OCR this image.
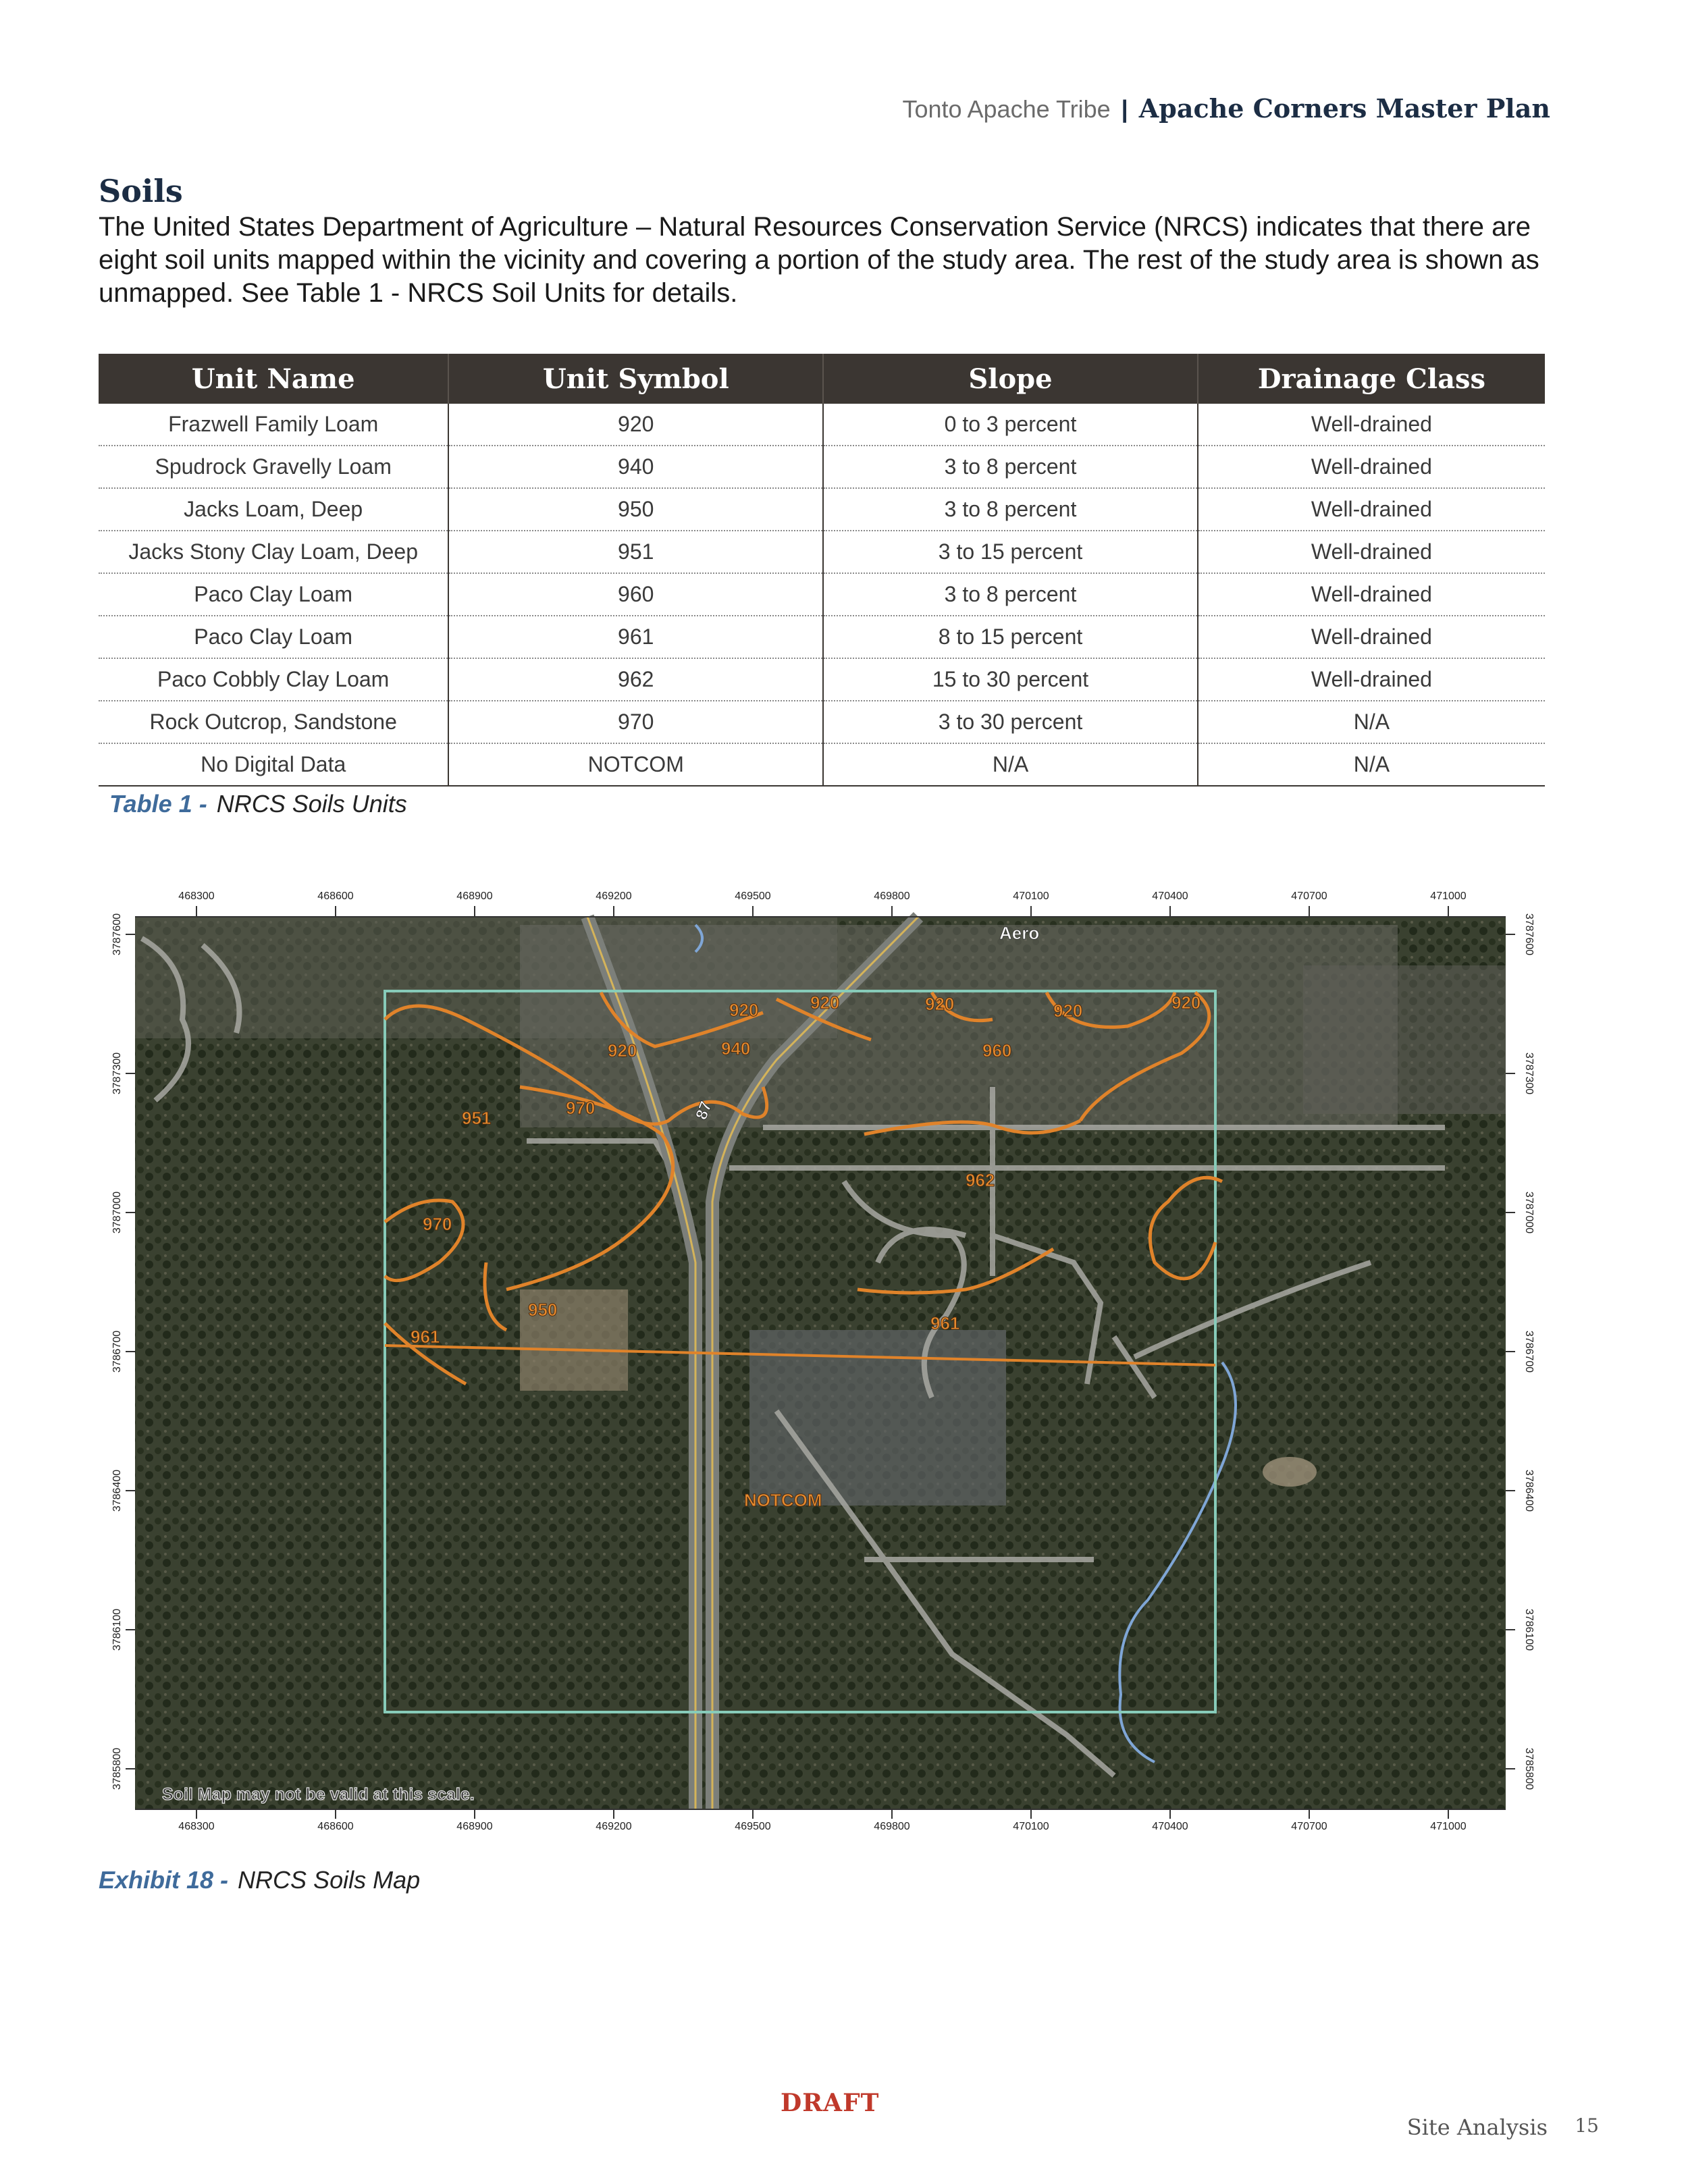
Tonto Apache Tribe | Apache Corners Master Plan
Soils

The United States Department of Agriculture – Natural Resources Conservation Service (NRCS) indicates that there are eight soil units mapped within the vicinity and covering a portion of the study area. The rest of the study area is shown as unmapped. See Table 1 - NRCS Soil Units for details.

Unit Name	Unit Symbol	Slope	Drainage Class
Frazwell Family Loam	920	0 to 3 percent	Well-drained
Spudrock Gravelly Loam	940	3 to 8 percent	Well-drained
Jacks Loam, Deep	950	3 to 8 percent	Well-drained
Jacks Stony Clay Loam, Deep	951	3 to 15 percent	Well-drained
Paco Clay Loam	960	3 to 8 percent	Well-drained
Paco Clay Loam	961	8 to 15 percent	Well-drained
Paco Cobbly Clay Loam	962	15 to 30 percent	Well-drained
Rock Outcrop, Sandstone	970	3 to 30 percent	N/A
No Digital Data	NOTCOM	N/A	N/A
Table 1 - NRCS Soils Units
920	920	920	920	920
920	940	960
951	970
962
970
950
961
961
NOTCOM
Aero
87
Soil Map may not be valid at this scale.
468300	468600	468900	469200	469500	469800	470100	470400	470700	471000
468300	468600	468900	469200	469500	469800	470100	470400	470700	471000
3787600
3787300
3787000
3786700
3786400
3786100
3785800
3787600
3787300
3787000
3786700
3786400
3786100
3785800
Exhibit 18 - NRCS Soils Map
DRAFT
Site Analysis 15
